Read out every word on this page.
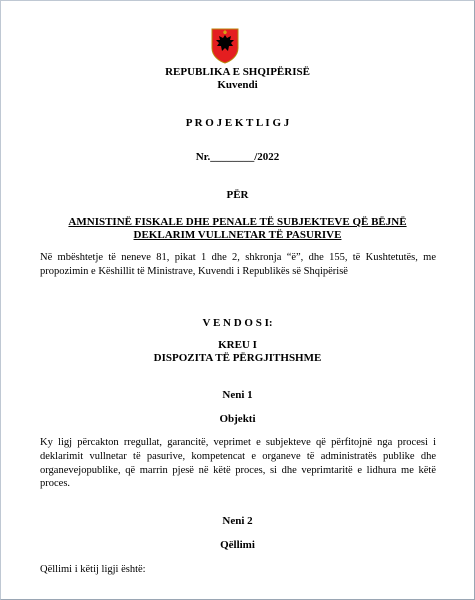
REPUBLIKA E SHQIPËRISË
Kuvendi
P R O J E K T L I G J
Nr.________/2022
PËR
AMNISTINË FISKALE DHE PENALE TË SUBJEKTEVE QË BËJNË
DEKLARIM VULLNETAR TË PASURIVE
Në mbështetje të neneve 81, pikat 1 dhe 2, shkronja “ë”, dhe 155, të Kushtetutës, me propozimin e Këshillit të Ministrave, Kuvendi i Republikës së Shqipërisë
V E N D O S I:
KREU I
DISPOZITA TË PËRGJITHSHME
Neni 1
Objekti
Ky ligj përcakton rregullat, garancitë, veprimet e subjekteve që përfitojnë nga procesi i deklarimit vullnetar të pasurive, kompetencat e organeve të administratës publike dhe organevejopublike, që marrin pjesë në këtë proces, si dhe veprimtaritë e lidhura me këtë proces.
Neni 2
Qëllimi
Qëllimi i këtij ligji është:
